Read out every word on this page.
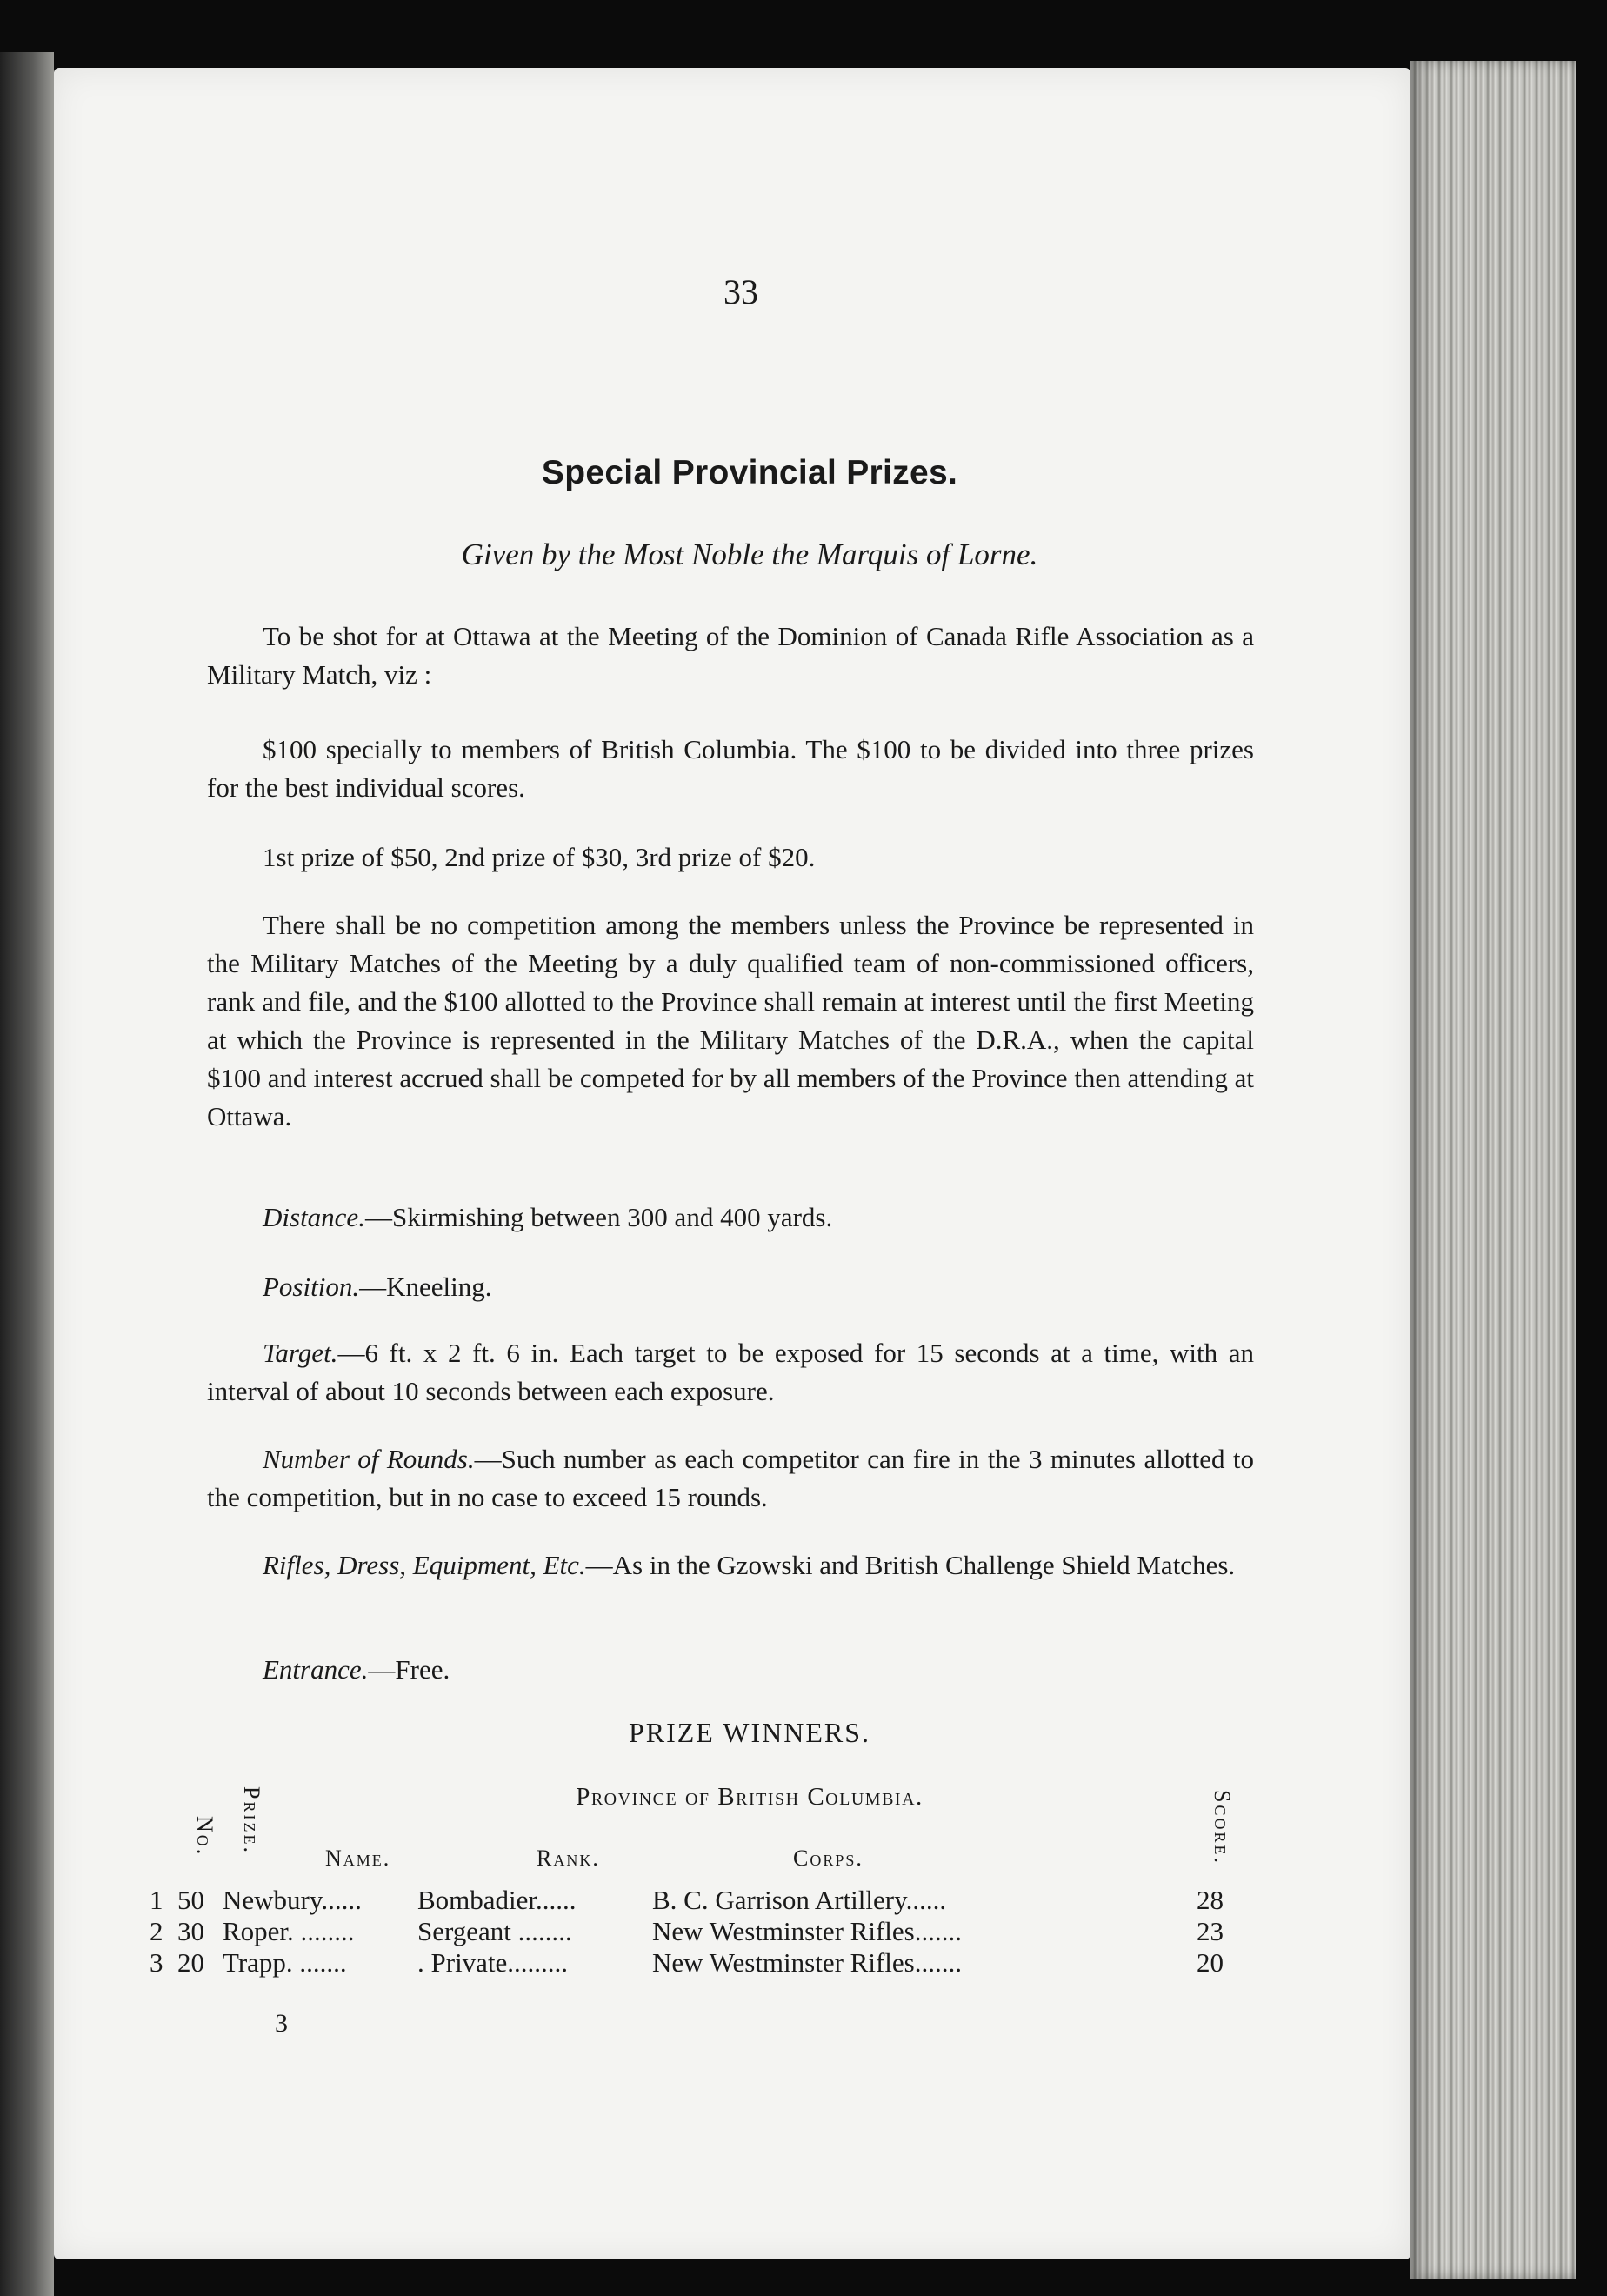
33
Special Provincial Prizes.
Given by the Most Noble the Marquis of Lorne.
To be shot for at Ottawa at the Meeting of the Dominion of Canada Rifle Association as a Military Match, viz :
$100 specially to members of British Columbia. The $100 to be divided into three prizes for the best individual scores.
1st prize of $50, 2nd prize of $30, 3rd prize of $20.
There shall be no competition among the members unless the Province be represented in the Military Matches of the Meeting by a duly qualified team of non-commissioned officers, rank and file, and the $100 allotted to the Province shall remain at interest until the first Meeting at which the Province is represented in the Military Matches of the D.R.A., when the capital $100 and interest accrued shall be competed for by all members of the Province then attending at Ottawa.
Distance.—Skirmishing between 300 and 400 yards.
Position.—Kneeling.
Target.—6 ft. x 2 ft. 6 in. Each target to be exposed for 15 seconds at a time, with an interval of about 10 seconds between each exposure.
Number of Rounds.—Such number as each competitor can fire in the 3 minutes allotted to the competition, but in no case to exceed 15 rounds.
Rifles, Dress, Equipment, Etc.—As in the Gzowski and British Challenge Shield Matches.
Entrance.—Free.
PRIZE WINNERS.
Province of British Columbia.
No. Prize.	Score.
Name.	Rank.	Corps.
1 50 Newbury...... Bombadier......	B. C. Garrison Artillery......	28
2 30 Roper. ........ Sergeant ........	New Westminster Rifles.......	23
3 20 Trapp. .......	. Private.........	New Westminster Rifles.......	20
3
